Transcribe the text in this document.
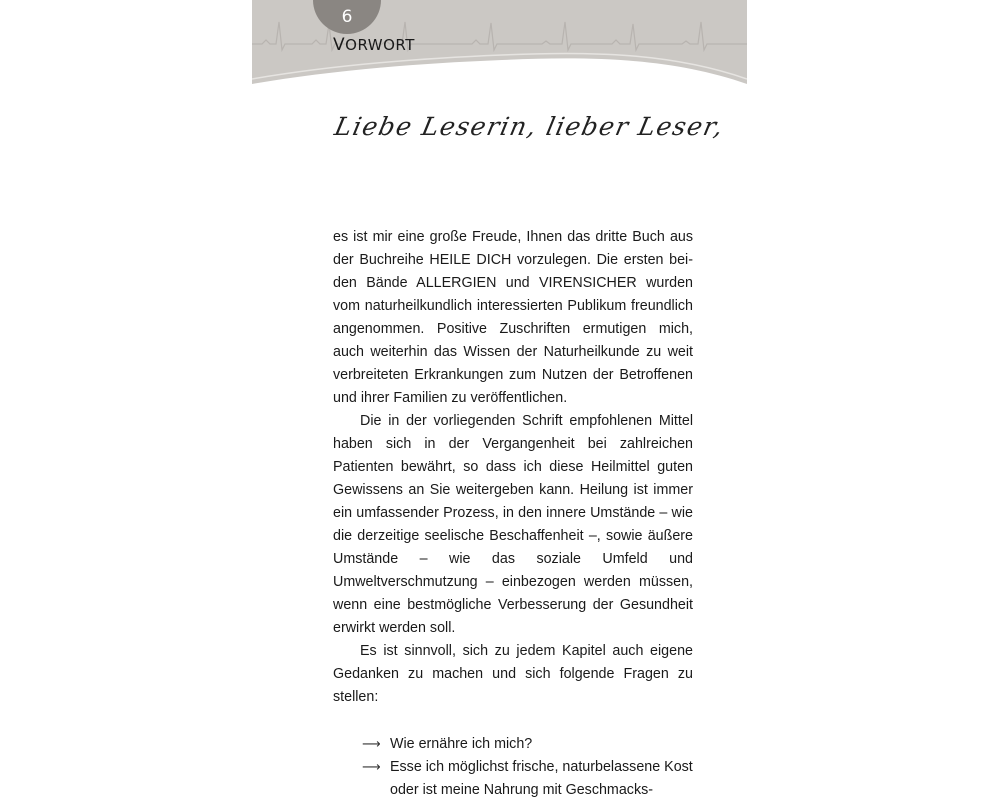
6
VORWORT
Liebe Leserin, lieber Leser,

es ist mir eine große Freude, Ihnen das dritte Buch aus der Buchreihe HEILE DICH vorzulegen. Die ersten beiden Bände ALLERGIEN und VIRENSICHER wurden vom naturheilkundlich interessierten Publikum freundlich angenommen. Positive Zuschriften ermutigen mich, auch weiterhin das Wissen der Naturheilkunde zu weit verbreiteten Erkrankungen zum Nutzen der Betroffenen und ihrer Familien zu veröffentlichen.

Die in der vorliegenden Schrift empfohlenen Mittel haben sich in der Vergangenheit bei zahlreichen Patienten bewährt, so dass ich diese Heilmittel guten Gewissens an Sie weitergeben kann. Heilung ist immer ein umfassender Prozess, in den innere Umstände – wie die derzeitige seelische Beschaffenheit –, sowie äußere Umstände – wie das soziale Umfeld und Umweltverschmutzung – einbezogen werden müssen, wenn eine bestmögliche Verbesserung der Gesundheit erwirkt werden soll.

Es ist sinnvoll, sich zu jedem Kapitel auch eigene Gedanken zu machen und sich folgende Fragen zu stellen:

⟶ Wie ernähre ich mich?
⟶ Esse ich möglichst frische, naturbelassene Kost oder ist meine Nahrung mit Geschmacks-
